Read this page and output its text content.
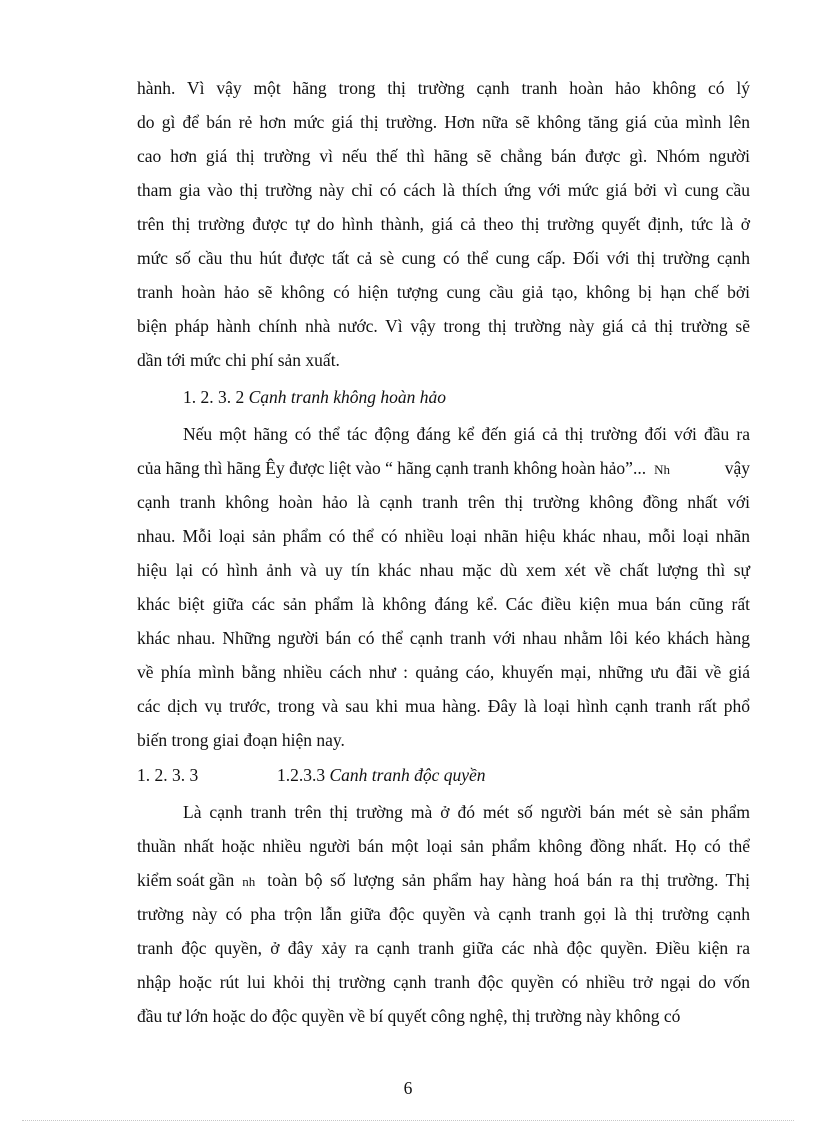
hành. Vì vậy một hãng trong thị trường cạnh tranh hoàn hảo không có lý
do gì để bán rẻ hơn mức giá thị trường. Hơn nữa sẽ không tăng giá của mình lên
cao hơn giá thị trường vì nếu thế thì hãng sẽ chẳng bán được gì. Nhóm người
tham gia vào thị trường này chỉ có cách là thích ứng với mức giá bởi vì cung cầu
trên thị trường được tự do hình thành, giá cả theo thị trường quyết định, tức là ở
mức số cầu thu hút được tất cả sè cung có thể cung cấp. Đối với thị trường cạnh
tranh hoàn hảo sẽ không có hiện tượng cung cầu giả tạo, không bị hạn chế bởi
biện pháp hành chính nhà nước. Vì vậy trong thị trường này giá cả thị trường sẽ
dần tới mức chi phí sản xuất.
1. 2. 3. 2 Cạnh tranh không hoàn hảo
Nếu một hãng có thể tác động đáng kể đến giá cả thị trường đối với đầu ra
của hãng thì hãng Êy được liệt vào “ hãng cạnh tranh không hoàn hảo”... Nh	vậy
cạnh tranh không hoàn hảo là cạnh tranh trên thị trường không đồng nhất với
nhau. Mỗi loại sản phẩm có thể có nhiều loại nhãn hiệu khác nhau, mỗi loại nhãn
hiệu lại có hình ảnh và uy tín khác nhau mặc dù xem xét về chất lượng thì sự
khác biệt giữa các sản phẩm là không đáng kể. Các điều kiện mua bán cũng rất
khác nhau. Những người bán có thể cạnh tranh với nhau nhằm lôi kéo khách hàng
về phía mình bằng nhiều cách như : quảng cáo, khuyến mại, những ưu đãi về giá
các dịch vụ trước, trong và sau khi mua hàng. Đây là loại hình cạnh tranh rất phổ
biến trong giai đoạn hiện nay.
1. 2. 3. 3	1.2.3.3 Canh tranh độc quyền
Là cạnh tranh trên thị trường mà ở đó mét số người bán mét sè sản phẩm
thuần nhất hoặc nhiều người bán một loại sản phẩm không đồng nhất. Họ có thể
kiểm soát gần nh toàn bộ số lượng sản phẩm hay hàng hoá bán ra thị trường. Thị
trường này có pha trộn lẫn giữa độc quyền và cạnh tranh gọi là thị trường cạnh
tranh độc quyền, ở đây xảy ra cạnh tranh giữa các nhà độc quyền. Điều kiện ra
nhập hoặc rút lui khỏi thị trường cạnh tranh độc quyền có nhiều trở ngại do vốn
đầu tư lớn hoặc do độc quyền về bí quyết công nghệ, thị trường này không có
6
